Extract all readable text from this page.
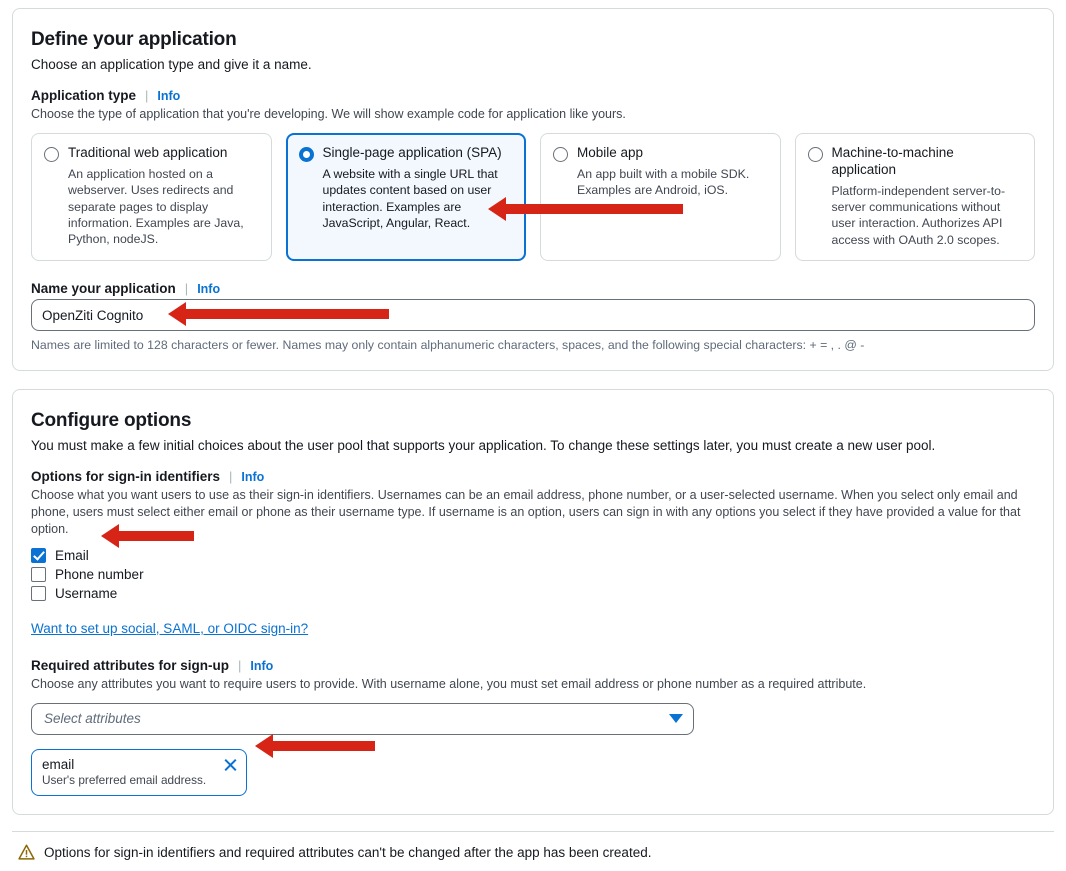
Define your application
Choose an application type and give it a name.
Application type | Info
Choose the type of application that you're developing. We will show example code for application like yours.
Traditional web application
An application hosted on a webserver. Uses redirects and separate pages to display information. Examples are Java, Python, nodeJS.
Single-page application (SPA)
A website with a single URL that updates content based on user interaction. Examples are JavaScript, Angular, React.
Mobile app
An app built with a mobile SDK. Examples are Android, iOS.
Machine-to-machine application
Platform-independent server-to-server communications without user interaction. Authorizes API access with OAuth 2.0 scopes.
Name your application | Info
OpenZiti Cognito
Names are limited to 128 characters or fewer. Names may only contain alphanumeric characters, spaces, and the following special characters: + = , . @ -
Configure options
You must make a few initial choices about the user pool that supports your application. To change these settings later, you must create a new user pool.
Options for sign-in identifiers | Info
Choose what you want users to use as their sign-in identifiers. Usernames can be an email address, phone number, or a user-selected username. When you select only email and phone, users must select either email or phone as their username type. If username is an option, users can sign in with any options you select if they have provided a value for that option.
Email
Phone number
Username
Want to set up social, SAML, or OIDC sign-in?
Required attributes for sign-up | Info
Choose any attributes you want to require users to provide. With username alone, you must set email address or phone number as a required attribute.
Select attributes
email
User's preferred email address.
Options for sign-in identifiers and required attributes can't be changed after the app has been created.
